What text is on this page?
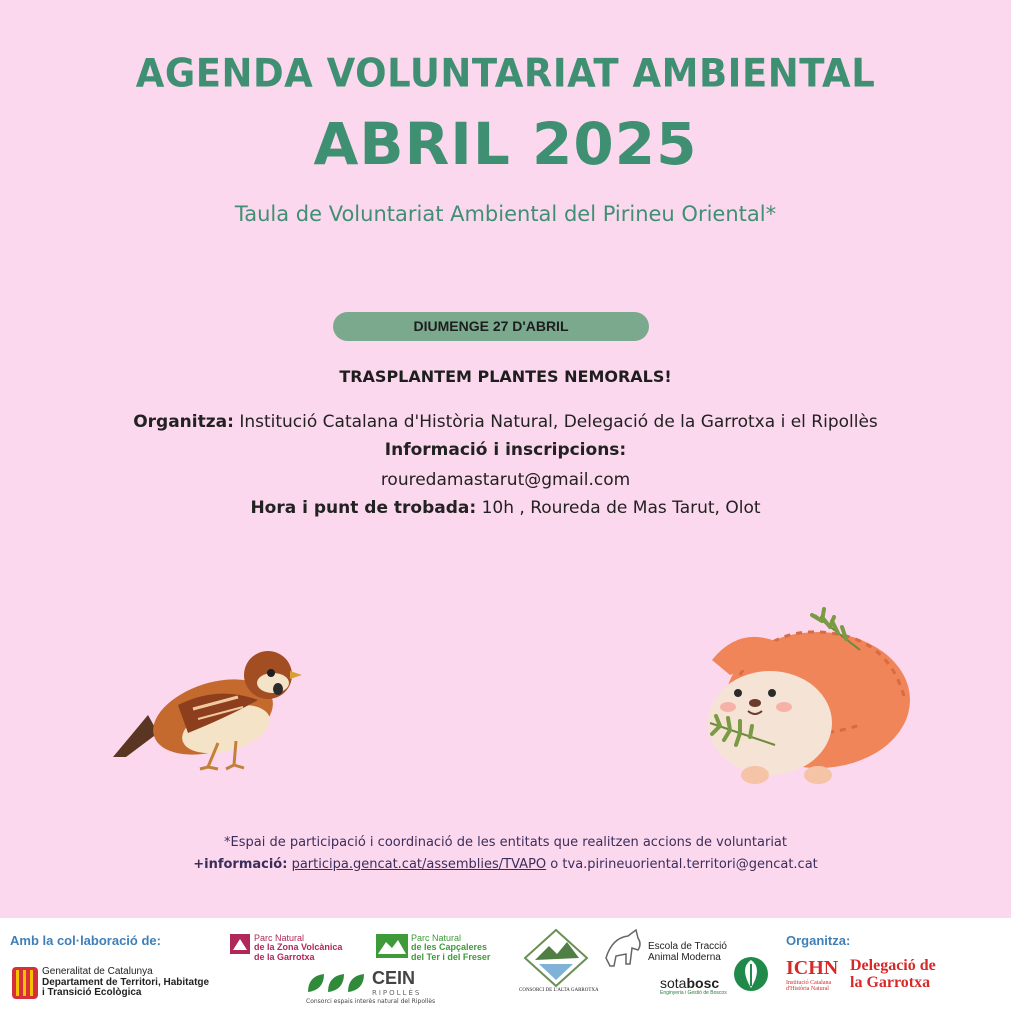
AGENDA VOLUNTARIAT AMBIENTAL
ABRIL 2025
Taula de Voluntariat Ambiental del Pirineu Oriental*
DIUMENGE 27 D'ABRIL
TRASPLANTEM PLANTES NEMORALS!
Organitza: Institució Catalana d'Història Natural, Delegació de la Garrotxa i el Ripollès
Informació i inscripcions:
rouredamastarut@gmail.com
Hora i punt de trobada: 10h , Roureda de Mas Tarut, Olot
*Espai de participació i coordinació de les entitats que realitzen accions de voluntariat
+informació: participa.gencat.cat/assemblies/TVAPO o tva.pirineuoriental.territori@gencat.cat
Amb la col·laboració de:	Organitza:
Generalitat de Catalunya
Departament de Territori, Habitatge
i Transició Ecològica
Parc Natural
de la Zona Volcànica
de la Garrotxa
Parc Natural
de les Capçaleres
del Ter i del Freser
CEIN
RIPOLLÈS
Consorci espais interès natural del Ripollès
CONSORCI DE L'ALTA GARROTXA
Escola de Tracció
Animal Moderna
sotabosc
Enginyeria i Gestió de Boscos
ICHN
Institució Catalana
d'Història Natural
Delegació de
la Garrotxa
